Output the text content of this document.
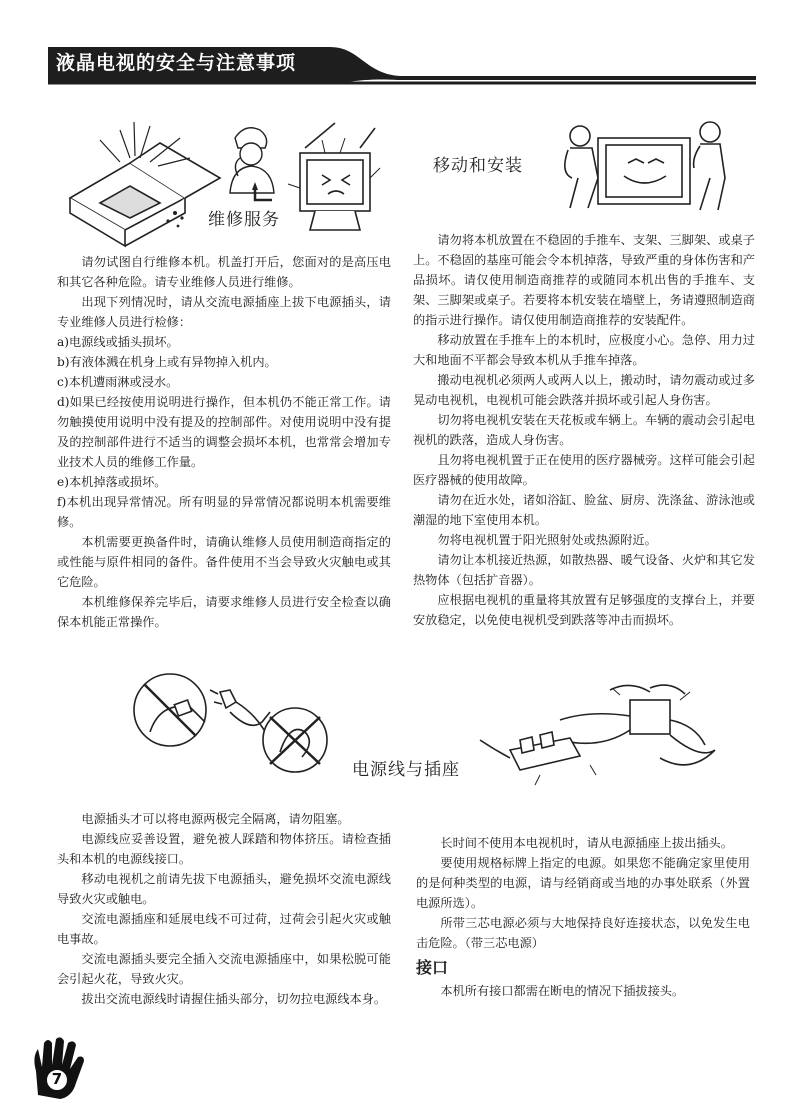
液晶电视的安全与注意事项
维修服务
移动和安装

请勿试图自行维修本机。机盖打开后，您面对的是高压电和其它各种危险。请专业维修人员进行维修。

出现下列情况时，请从交流电源插座上拔下电源插头，请专业维修人员进行检修：

a)电源线或插头损坏。

b)有液体溅在机身上或有异物掉入机内。

c)本机遭雨淋或浸水。

d)如果已经按使用说明进行操作，但本机仍不能正常工作。请勿触摸使用说明中没有提及的控制部件。对使用说明中没有提及的控制部件进行不适当的调整会损坏本机，也常常会增加专业技术人员的维修工作量。

e)本机掉落或损坏。

f)本机出现异常情况。所有明显的异常情况都说明本机需要维修。

本机需要更换备件时，请确认维修人员使用制造商指定的或性能与原件相同的备件。备件使用不当会导致火灾触电或其它危险。

本机维修保养完毕后，请要求维修人员进行安全检查以确保本机能正常操作。

请勿将本机放置在不稳固的手推车、支架、三脚架、或桌子上。不稳固的基座可能会令本机掉落，导致严重的身体伤害和产品损坏。请仅使用制造商推荐的或随同本机出售的手推车、支架、三脚架或桌子。若要将本机安装在墙壁上，务请遵照制造商的指示进行操作。请仅使用制造商推荐的安装配件。

移动放置在手推车上的本机时，应极度小心。急停、用力过大和地面不平都会导致本机从手推车掉落。

搬动电视机必须两人或两人以上，搬动时，请勿震动或过多晃动电视机，电视机可能会跌落并损坏或引起人身伤害。

切勿将电视机安装在天花板或车辆上。车辆的震动会引起电视机的跌落，造成人身伤害。

且勿将电视机置于正在使用的医疗器械旁。这样可能会引起医疗器械的使用故障。

请勿在近水处，诸如浴缸、脸盆、厨房、洗涤盆、游泳池或潮湿的地下室使用本机。

勿将电视机置于阳光照射处或热源附近。

请勿让本机接近热源，如散热器、暖气设备、火炉和其它发热物体（包括扩音器）。

应根据电视机的重量将其放置有足够强度的支撑台上，并要安放稳定，以免使电视机受到跌落等冲击而损坏。

电源线与插座

电源插头才可以将电源两极完全隔离，请勿阻塞。

电源线应妥善设置，避免被人踩踏和物体挤压。请检查插头和本机的电源线接口。

移动电视机之前请先拔下电源插头，避免损坏交流电源线导致火灾或触电。

交流电源插座和延展电线不可过荷，过荷会引起火灾或触电事故。

交流电源插头要完全插入交流电源插座中，如果松脱可能会引起火花，导致火灾。

拔出交流电源线时请握住插头部分，切勿拉电源线本身。

长时间不使用本电视机时，请从电源插座上拔出插头。

要使用规格标牌上指定的电源。如果您不能确定家里使用的是何种类型的电源，请与经销商或当地的办事处联系（外置电源所选）。

所带三芯电源必须与大地保持良好连接状态，以免发生电击危险。（带三芯电源）

接口

本机所有接口都需在断电的情况下插拔接头。

7
